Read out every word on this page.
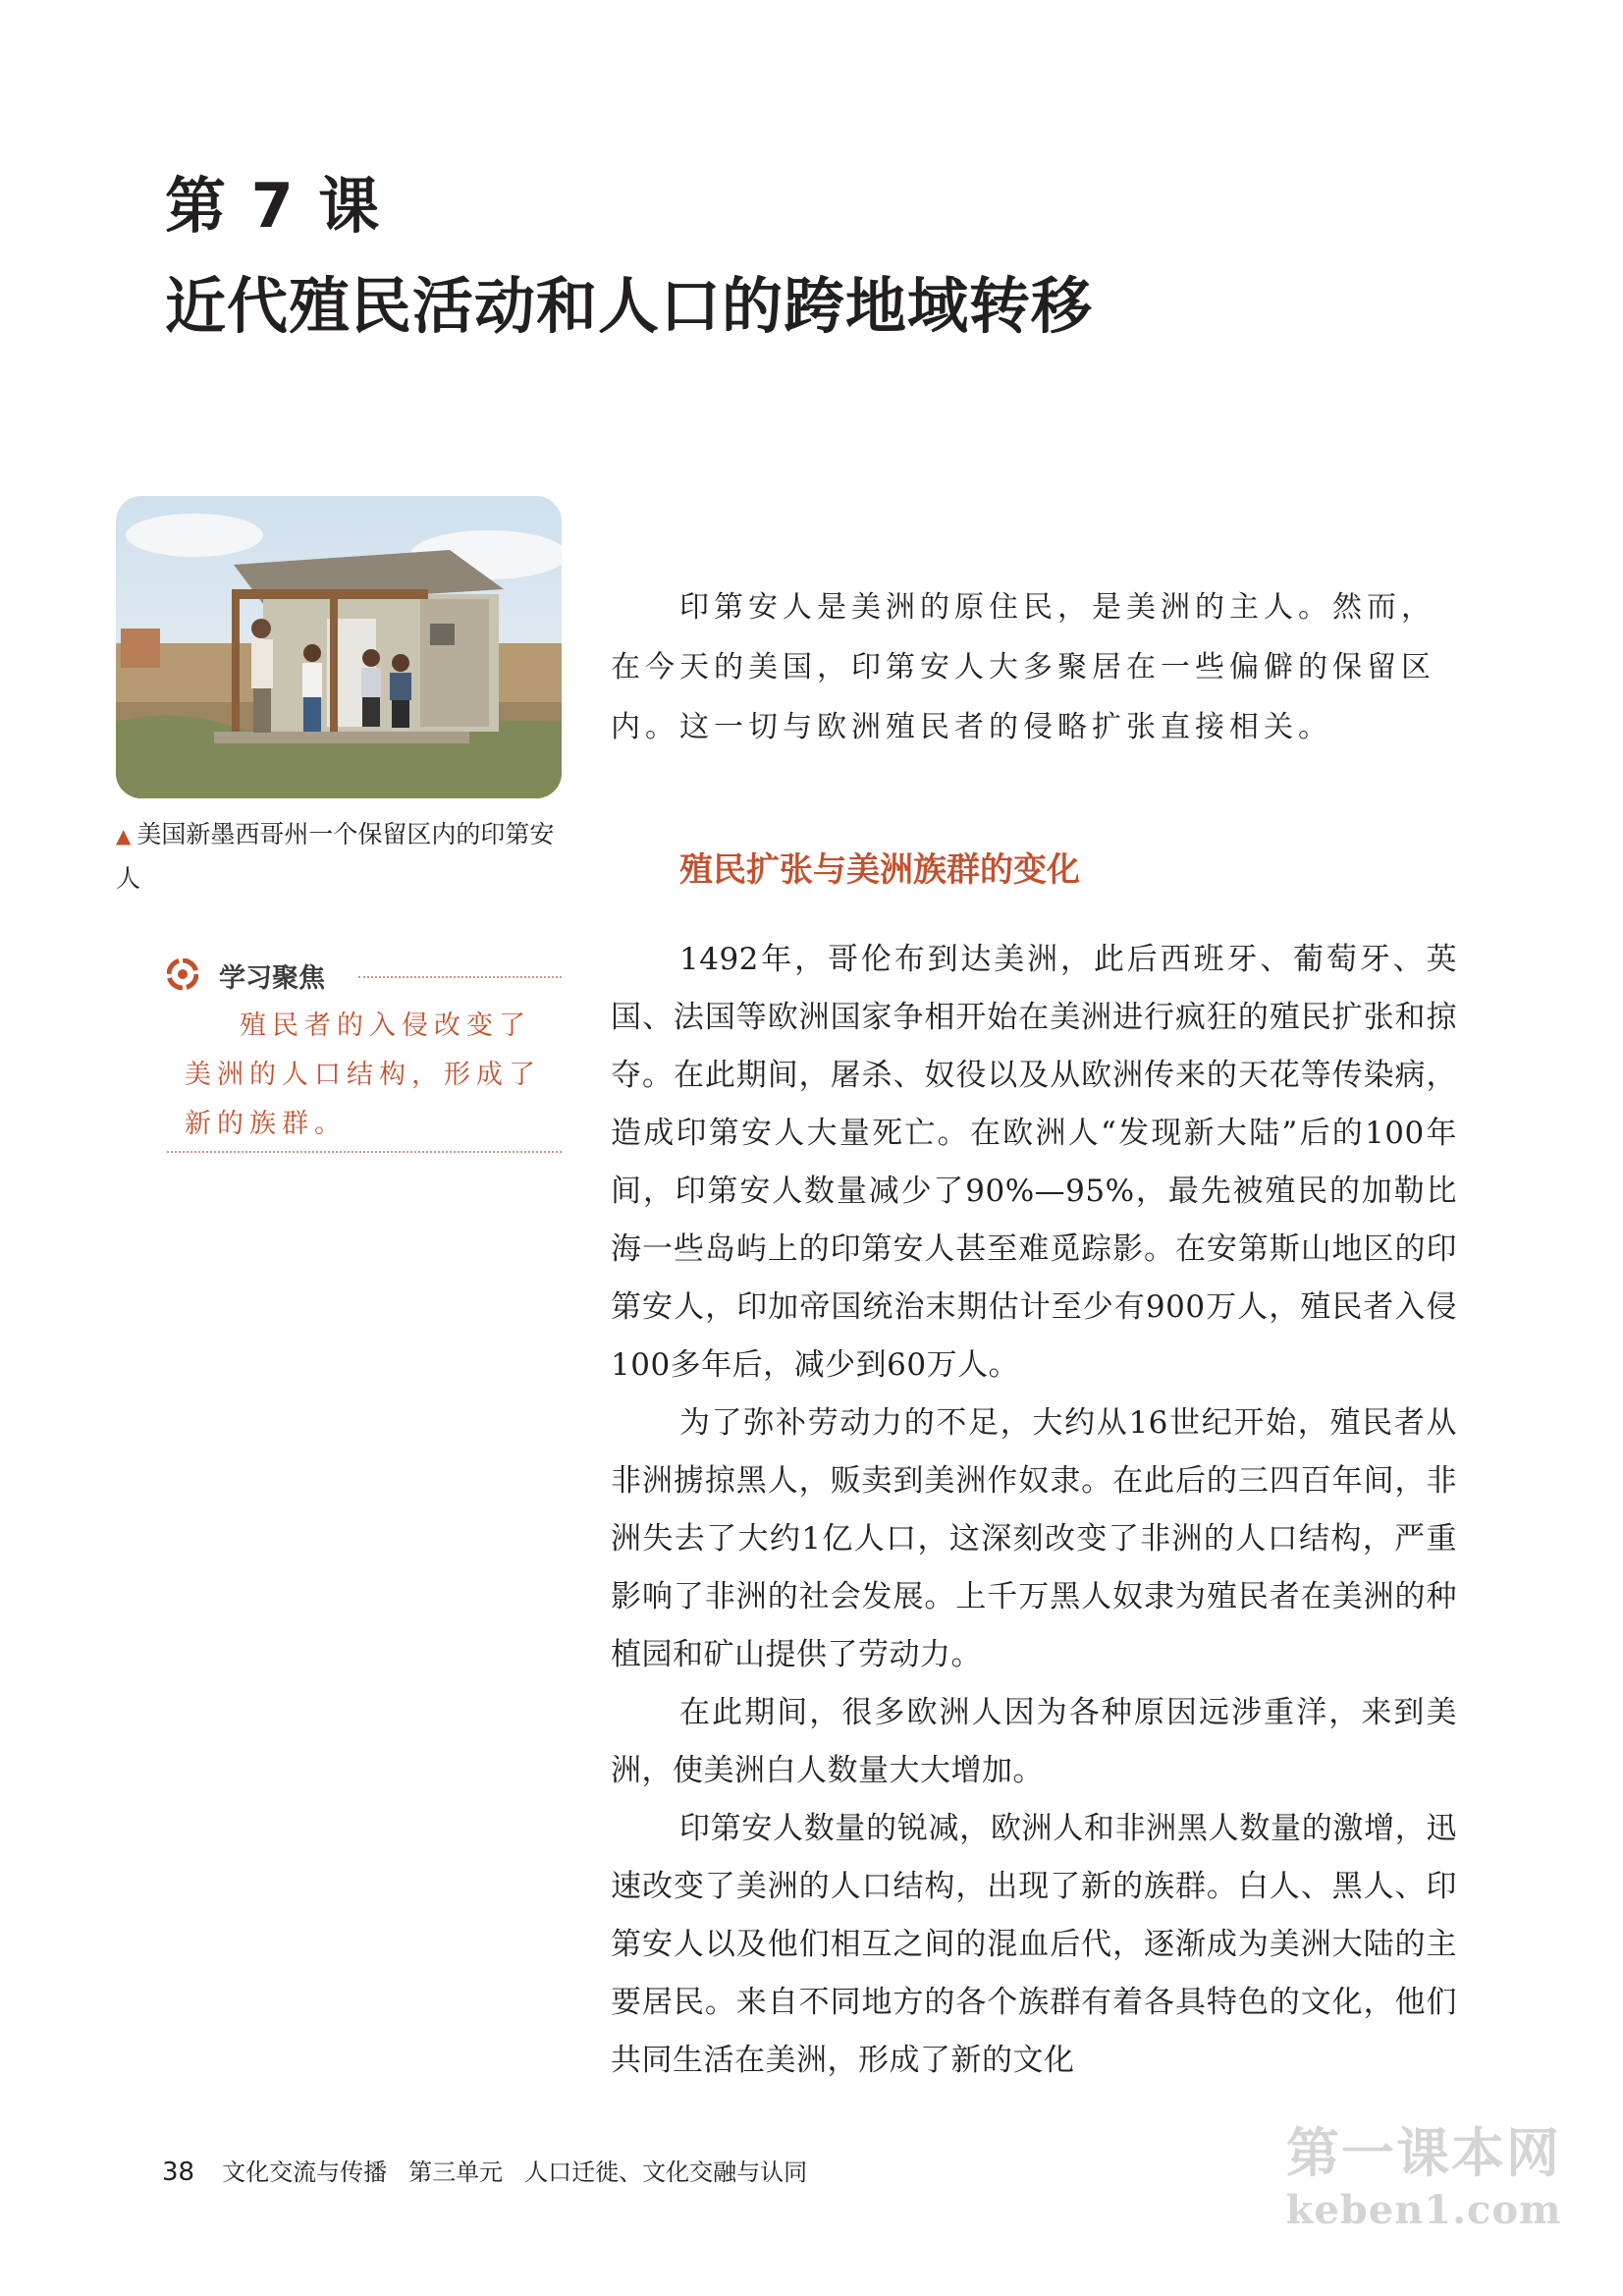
第 7 课
近代殖民活动和人口的跨地域转移
▲ 美国新墨西哥州一个保留区内的印第安人
学习聚焦
殖民者的入侵改变了美洲的人口结构，形成了新的族群。

印第安人是美洲的原住民，是美洲的主人。然而，在今天的美国，印第安人大多聚居在一些偏僻的保留区内。这一切与欧洲殖民者的侵略扩张直接相关。

殖民扩张与美洲族群的变化

1492年，哥伦布到达美洲，此后西班牙、葡萄牙、英国、法国等欧洲国家争相开始在美洲进行疯狂的殖民扩张和掠夺。在此期间，屠杀、奴役以及从欧洲传来的天花等传染病，造成印第安人大量死亡。在欧洲人“发现新大陆”后的100年间，印第安人数量减少了90%—95%，最先被殖民的加勒比海一些岛屿上的印第安人甚至难觅踪影。在安第斯山地区的印第安人，印加帝国统治末期估计至少有900万人，殖民者入侵100多年后，减少到60万人。

为了弥补劳动力的不足，大约从16世纪开始，殖民者从非洲掳掠黑人，贩卖到美洲作奴隶。在此后的三四百年间，非洲失去了大约1亿人口，这深刻改变了非洲的人口结构，严重影响了非洲的社会发展。上千万黑人奴隶为殖民者在美洲的种植园和矿山提供了劳动力。

在此期间，很多欧洲人因为各种原因远涉重洋，来到美洲，使美洲白人数量大大增加。

印第安人数量的锐减，欧洲人和非洲黑人数量的激增，迅速改变了美洲的人口结构，出现了新的族群。白人、黑人、印第安人以及他们相互之间的混血后代，逐渐成为美洲大陆的主要居民。来自不同地方的各个族群有着各具特色的文化，他们共同生活在美洲，形成了新的文化

38 文化交流与传播 第三单元 人口迁徙、文化交融与认同	第一课本网
keben1.com
